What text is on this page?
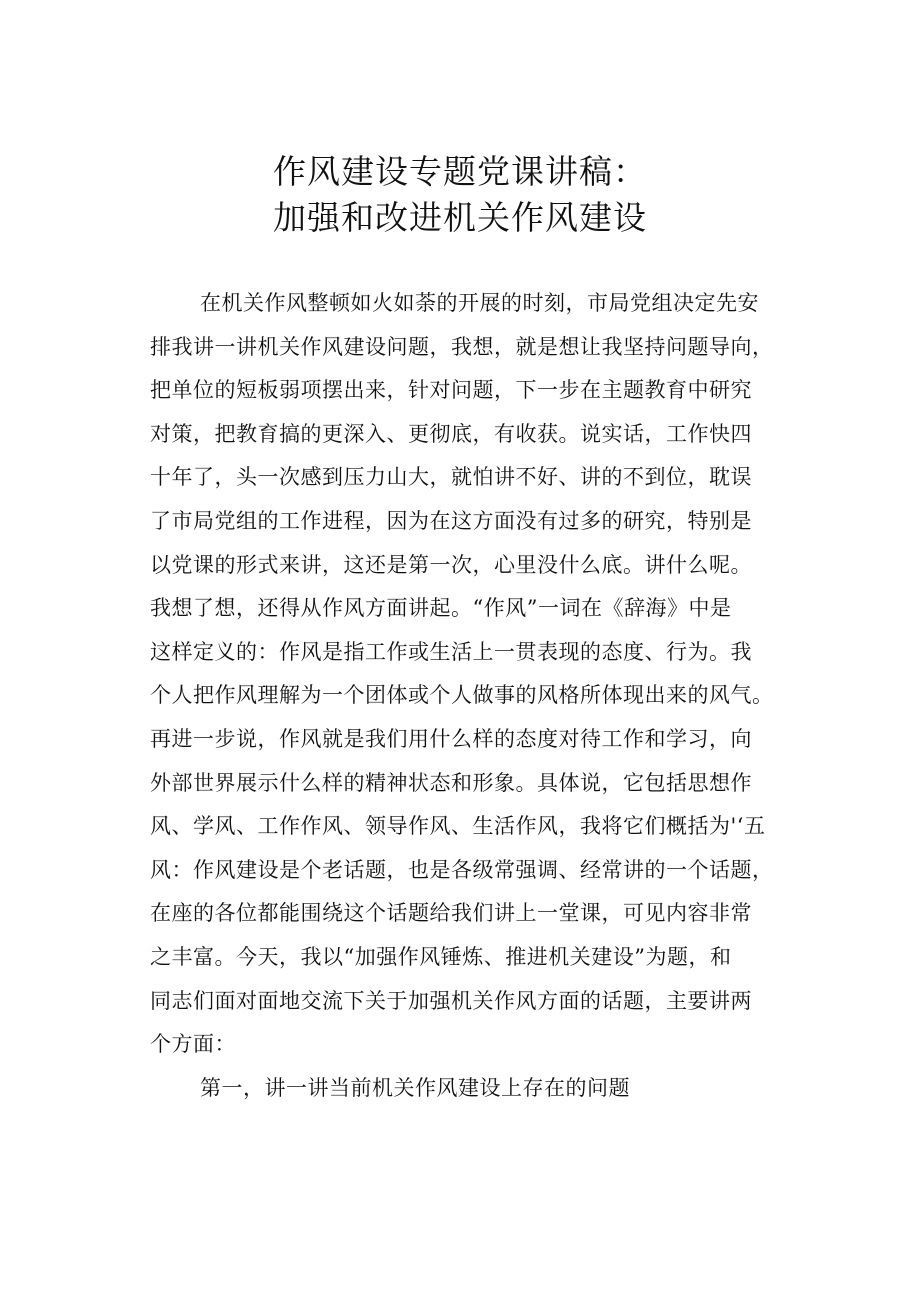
作风建设专题党课讲稿：
加强和改进机关作风建设
在机关作风整顿如火如荼的开展的时刻，市局党组决定先安
排我讲一讲机关作风建设问题，我想，就是想让我坚持问题导向，
把单位的短板弱项摆出来，针对问题，下一步在主题教育中研究
对策，把教育搞的更深入、更彻底，有收获。说实话，工作快四
十年了，头一次感到压力山大，就怕讲不好、讲的不到位，耽误
了市局党组的工作进程，因为在这方面没有过多的研究，特别是
以党课的形式来讲，这还是第一次，心里没什么底。讲什么呢。
我想了想，还得从作风方面讲起。“作风”一词在《辞海》中是
这样定义的：作风是指工作或生活上一贯表现的态度、行为。我
个人把作风理解为一个团体或个人做事的风格所体现出来的风气。
再进一步说，作风就是我们用什么样的态度对待工作和学习，向
外部世界展示什么样的精神状态和形象。具体说，它包括思想作
风、学风、工作作风、领导作风、生活作风，我将它们概括为'‘五
风：作风建设是个老话题，也是各级常强调、经常讲的一个话题，
在座的各位都能围绕这个话题给我们讲上一堂课，可见内容非常
之丰富。今天，我以“加强作风锤炼、推进机关建设”为题，和
同志们面对面地交流下关于加强机关作风方面的话题，主要讲两
个方面：
第一，讲一讲当前机关作风建设上存在的问题
